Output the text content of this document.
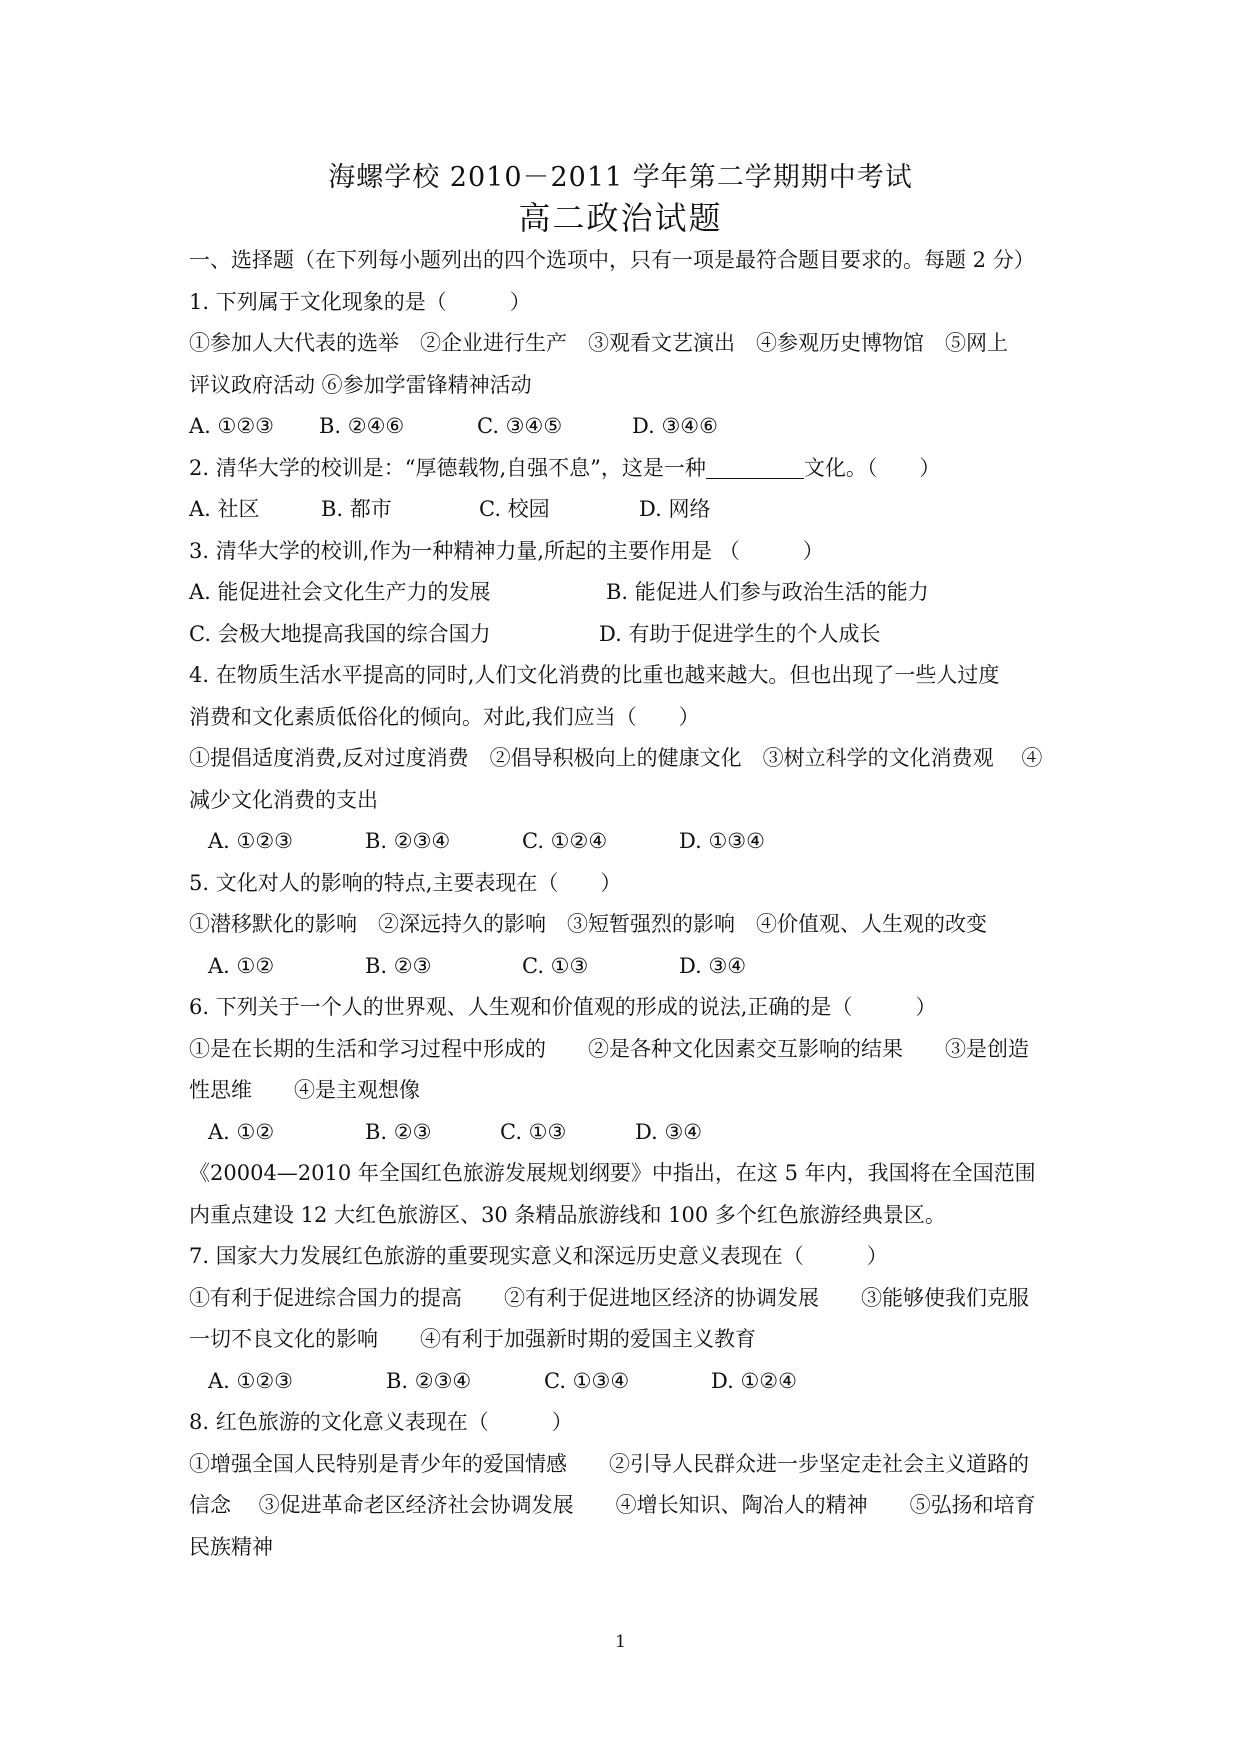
海螺学校 2010－2011 学年第二学期期中考试
高二政治试题
一、选择题（在下列每小题列出的四个选项中，只有一项是最符合题目要求的。每题 2 分）
1. 下列属于文化现象的是（　　　）
①参加人大代表的选举　②企业进行生产　③观看文艺演出　④参观历史博物馆　⑤网上
评议政府活动 ⑥参加学雷锋精神活动
A. ①②③ B. ②④⑥	C. ③④⑤	D. ③④⑥
2. 清华大学的校训是：“厚德载物,自强不息”，这是一种	文化。（　　）
A. 社区	B. 都市	C. 校园	D. 网络
3. 清华大学的校训,作为一种精神力量,所起的主要作用是 （　　　）
A. 能促进社会文化生产力的发展	B. 能促进人们参与政治生活的能力
C. 会极大地提高我国的综合国力	D. 有助于促进学生的个人成长
4. 在物质生活水平提高的同时,人们文化消费的比重也越来越大。但也出现了一些人过度
消费和文化素质低俗化的倾向。对此,我们应当（　　）
①提倡适度消费,反对过度消费　②倡导积极向上的健康文化　③树立科学的文化消费观　 ④
减少文化消费的支出
A. ①②③	B. ②③④	C. ①②④	D. ①③④
5. 文化对人的影响的特点,主要表现在（　　）
①潜移默化的影响　②深远持久的影响　③短暂强烈的影响　④价值观、人生观的改变
A. ①②	B. ②③	C. ①③	D. ③④
6. 下列关于一个人的世界观、人生观和价值观的形成的说法,正确的是（　　　）
①是在长期的生活和学习过程中形成的　　②是各种文化因素交互影响的结果　　③是创造
性思维　　④是主观想像
A. ①②	B. ②③	C. ①③	D. ③④
《20004—2010 年全国红色旅游发展规划纲要》中指出，在这 5 年内，我国将在全国范围
内重点建设 12 大红色旅游区、30 条精品旅游线和 100 多个红色旅游经典景区。
7. 国家大力发展红色旅游的重要现实意义和深远历史意义表现在（　　　）
①有利于促进综合国力的提高　　②有利于促进地区经济的协调发展　　③能够使我们克服
一切不良文化的影响　　④有利于加强新时期的爱国主义教育
A. ①②③	B. ②③④	C. ①③④	D. ①②④
8. 红色旅游的文化意义表现在（　　　）
①增强全国人民特别是青少年的爱国情感　　②引导人民群众进一步坚定走社会主义道路的
信念　 ③促进革命老区经济社会协调发展　　④增长知识、陶冶人的精神　　⑤弘扬和培育
民族精神
1
